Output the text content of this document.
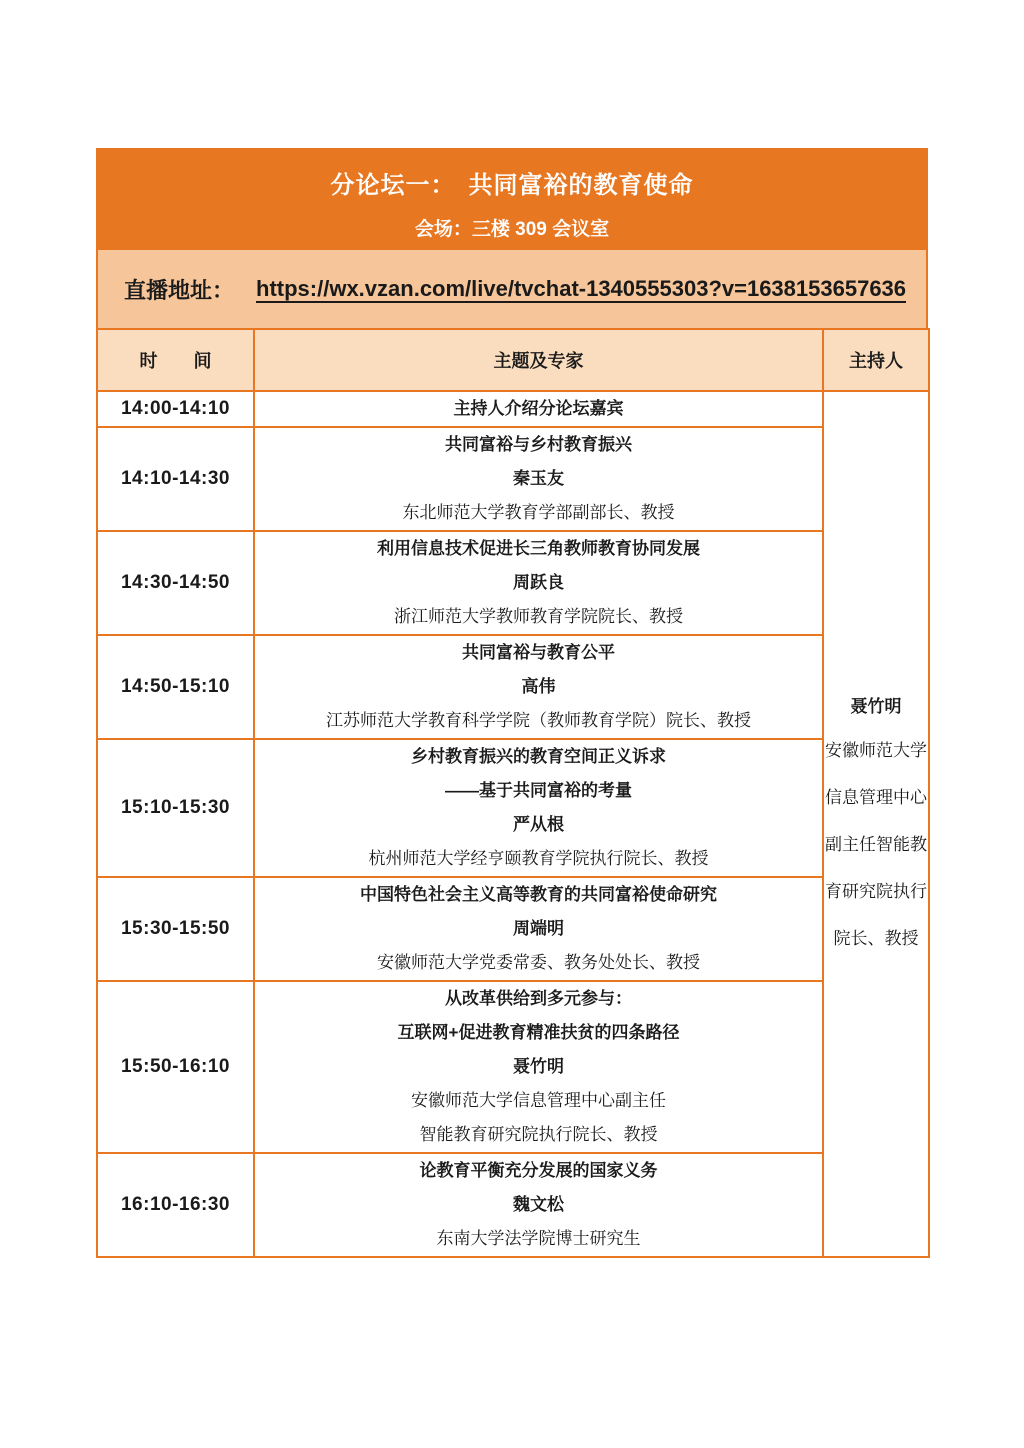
分论坛一：　共同富裕的教育使命
会场：三楼 309 会议室
直播地址： https://wx.vzan.com/live/tvchat-1340555303?v=1638153657636
时　　间	主题及专家	主持人
14:00-14:10	主持人介绍分论坛嘉宾	聂竹明
安徽师范大学信息管理中心副主任智能教育研究院执行院长、教授

14:10-14:30	共同富裕与乡村教育振兴
秦玉友
东北师范大学教育学部副部长、教授	

14:30-14:50	利用信息技术促进长三角教师教育协同发展
周跃良
浙江师范大学教师教育学院院长、教授	

14:50-15:10	共同富裕与教育公平
高伟
江苏师范大学教育科学学院（教师教育学院）院长、教授	

15:10-15:30	乡村教育振兴的教育空间正义诉求
——基于共同富裕的考量
严从根
杭州师范大学经亨颐教育学院执行院长、教授	

15:30-15:50	中国特色社会主义高等教育的共同富裕使命研究
周端明
安徽师范大学党委常委、教务处处长、教授	

15:50-16:10	从改革供给到多元参与：
互联网+促进教育精准扶贫的四条路径
聂竹明
安徽师范大学信息管理中心副主任
智能教育研究院执行院长、教授	

16:10-16:30	论教育平衡充分发展的国家义务
魏文松
东南大学法学院博士研究生	
